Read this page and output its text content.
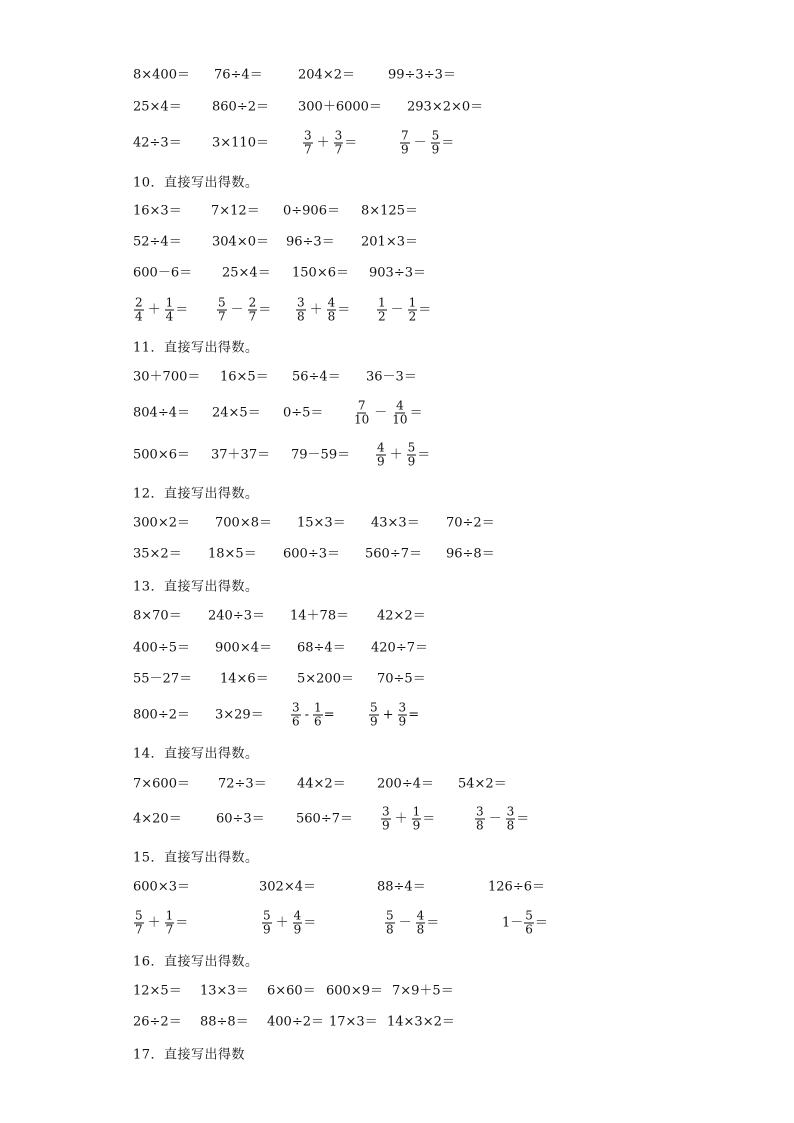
8×400＝ 76÷4＝	204×2＝	99÷3÷3＝
25×4＝ 860÷2＝ 300＋6000＝ 293×2×0＝
42÷3＝ 3×110＝	$\frac{3}{7} + \frac{3}{7}$ ＝	$\frac{7}{9} - \frac{5}{9}$ ＝
10．直接写出得数。
16×3＝ 7×12＝ 0÷906＝ 8×125＝
52÷4＝ 304×0＝ 96÷3＝ 201×3＝
600－6＝ 25×4＝ 150×6＝ 903÷3＝
$\frac{2}{4} + \frac{1}{4} = \frac{5}{7} - \frac{2}{7} = \frac{3}{8} + \frac{4}{8} = \frac{1}{2} - \frac{1}{2}$ ＝
11．直接写出得数。
30＋700＝ 16×5＝ 56÷4＝ 36－3＝
$804\div 4= 24\times 5= 0\div 5= \frac{7}{10} - \frac{4}{10}$ ＝
$500\times 6= 37+37= 79-59= \frac{4}{9} + \frac{5}{9}$ ＝
12．直接写出得数。
300×2＝ 700×8＝ 15×3＝ 43×3＝ 70÷2＝
35×2＝ 18×5＝ 600÷3＝ 560÷7＝ 96÷8＝
13．直接写出得数。
8×70＝ 240÷3＝ 14＋78＝ 42×2＝
400÷5＝ 900×4＝ 68÷4＝ 420÷7＝
55－27＝ 14×6＝ 5×200＝ 70÷5＝
$800\div 2= 3\times 29= \frac{3}{6} - \frac{1}{6}$ =	$\frac{5}{9} + \frac{3}{9}$ =
14．直接写出得数。
7×600＝ 72÷3＝ 44×2＝ 200÷4＝ 54×2＝
4×20＝	$60\div 3= 560\div 7= \frac{3}{9} + \frac{1}{9}$ ＝	$\frac{3}{8} - \frac{3}{8}$ ＝
15．直接写出得数。
600×3＝	302×4＝	88÷4＝	126÷6＝
$\frac{5}{7} + \frac{1}{7}$ ＝	$\frac{5}{9} + \frac{4}{9}$ ＝	$\frac{5}{8} - \frac{4}{8}$ ＝	$1- \frac{5}{6}$ ＝
16．直接写出得数。
12×5＝ 13×3＝ 6×60＝ 600×9＝ 7×9＋5＝
26÷2＝ 88÷8＝ 400÷2＝ 17×3＝ 14×3×2＝
17．直接写出得数
